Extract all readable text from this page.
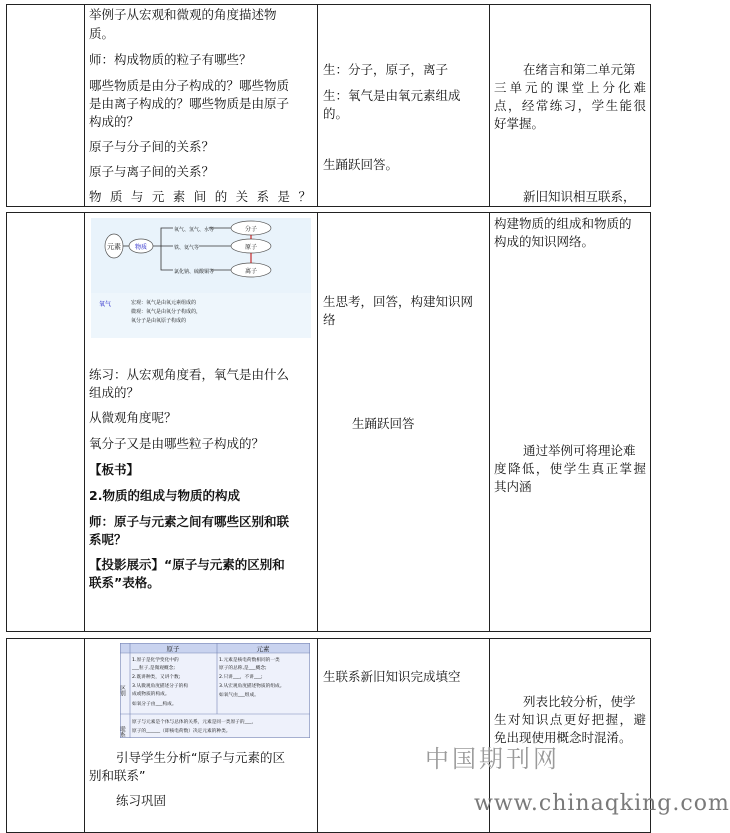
举例子从宏观和微观的角度描述物

质。

师：构成物质的粒子有哪些？

哪些物质是由分子构成的？哪些物质

是由离子构成的？哪些物质是由原子

构成的？

原子与分子间的关系？

原子与离子间的关系？

物 质 与 元 素 间 的 关 系 是 ？

生：分子，原子，离子

生：氧气是由氧元素组成

的。

生踊跃回答。

在绪言和第二单元第

三单元的课堂上分化难

点，经常练习，学生能很

好掌握。

新旧知识相互联系，

元素 物质
氧气、氢气、水等
铁、氦气等
氯化钠、硫酸铜等
分子
原子
离子
氧气	宏观：氧气是由氧元素组成的
微观：氧气是由氧分子构成的，
氧分子是由氧原子构成的

练习：从宏观角度看，氧气是由什么

组成的？

从微观角度呢？

氧分子又是由哪些粒子构成的？

【板书】

2.物质的组成与物质的构成

师：原子与元素之间有哪些区别和联

系呢？

【投影展示】“原子与元素的区别和

联系”表格。

生思考，回答，构建知识网

络

生踊跃回答

构建物质的组成和物质的

构成的知识网络。

通过举例可将理论难

度降低，使学生真正掌握

其内涵

原子	元素
区别
联系
1.原子是化学变化中的
___粒子,是微观概念;
2.既讲种类，又讲个数;
3.从微观角度描述分子的构
成或物质的构成。
如氧分子由___构成。
1.元素是核电荷数相同的一类
原子的总称,是___概念;
2.只讲___，不讲___;
3.从宏观角度描述物质的组成。
如氧气由___组成。
原子与元素是个体与总体的关系，元素是同一类原子的___，
原子的______（即核电荷数）决定元素的种类。

引导学生分析“原子与元素的区

别和联系”

练习巩固

生联系新旧知识完成填空

列表比较分析，使学

生对知识点更好把握，避

免出现使用概念时混淆。

中国期刊网
www.chinaqking.com
